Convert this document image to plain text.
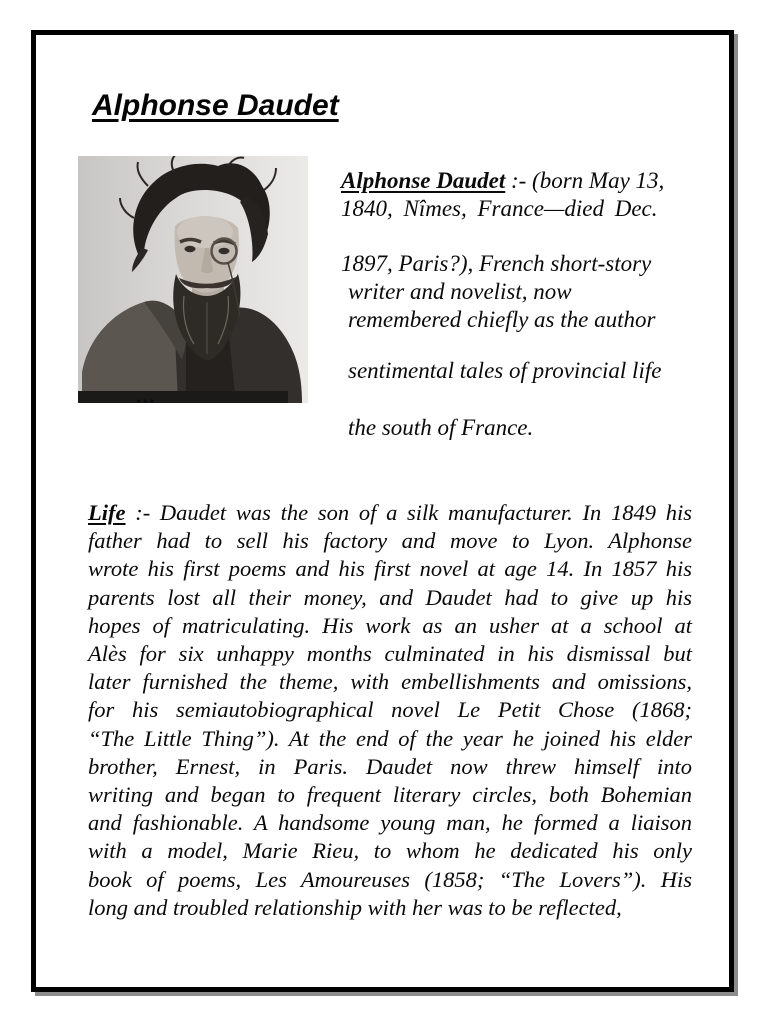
Alphonse Daudet
...
Alphonse Daudet :- (born May 13,
1840, Nîmes, France—died Dec.
1897, Paris?), French short-story
writer and novelist, now
remembered chiefly as the author
sentimental tales of provincial life
the south of France.
Life :- Daudet was the son of a silk manufacturer. In 1849 his
father had to sell his factory and move to Lyon. Alphonse
wrote his first poems and his first novel at age 14. In 1857 his
parents lost all their money, and Daudet had to give up his
hopes of matriculating. His work as an usher at a school at
Alès for six unhappy months culminated in his dismissal but
later furnished the theme, with embellishments and omissions,
for his semiautobiographical novel Le Petit Chose (1868;
“The Little Thing”). At the end of the year he joined his elder
brother, Ernest, in Paris. Daudet now threw himself into
writing and began to frequent literary circles, both Bohemian
and fashionable. A handsome young man, he formed a liaison
with a model, Marie Rieu, to whom he dedicated his only
book of poems, Les Amoureuses (1858; “The Lovers”). His
long and troubled relationship with her was to be reflected,
